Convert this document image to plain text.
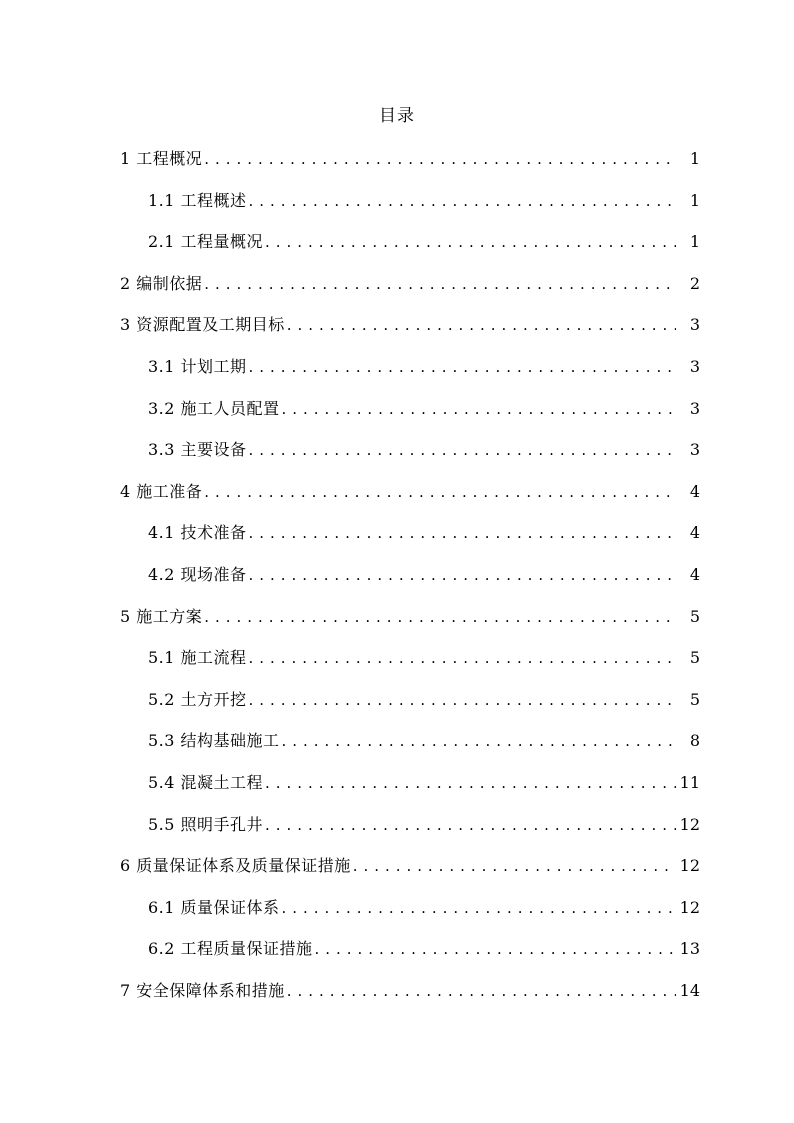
目录
1 工程概况 . . .	1
1.1 工程概述 . . .	1
2.1 工程量概况 . . .	1
2 编制依据 . . .	2
3 资源配置及工期目标 . . .	3
3.1 计划工期 . . .	3
3.2 施工人员配置 . . .	3
3.3 主要设备 . . .	3
4 施工准备 . . .	4
4.1 技术准备 . . .	4
4.2 现场准备 . . .	4
5 施工方案 . . .	5
5.1 施工流程 . . .	5
5.2 土方开挖 . . .	5
5.3 结构基础施工 . . .	8
5.4 混凝土工程 . . .	11
5.5 照明手孔井 . . .	12
6 质量保证体系及质量保证措施 . . .	12
6.1 质量保证体系 . . .	12
6.2 工程质量保证措施 . . .	13
7 安全保障体系和措施 . . .	14
